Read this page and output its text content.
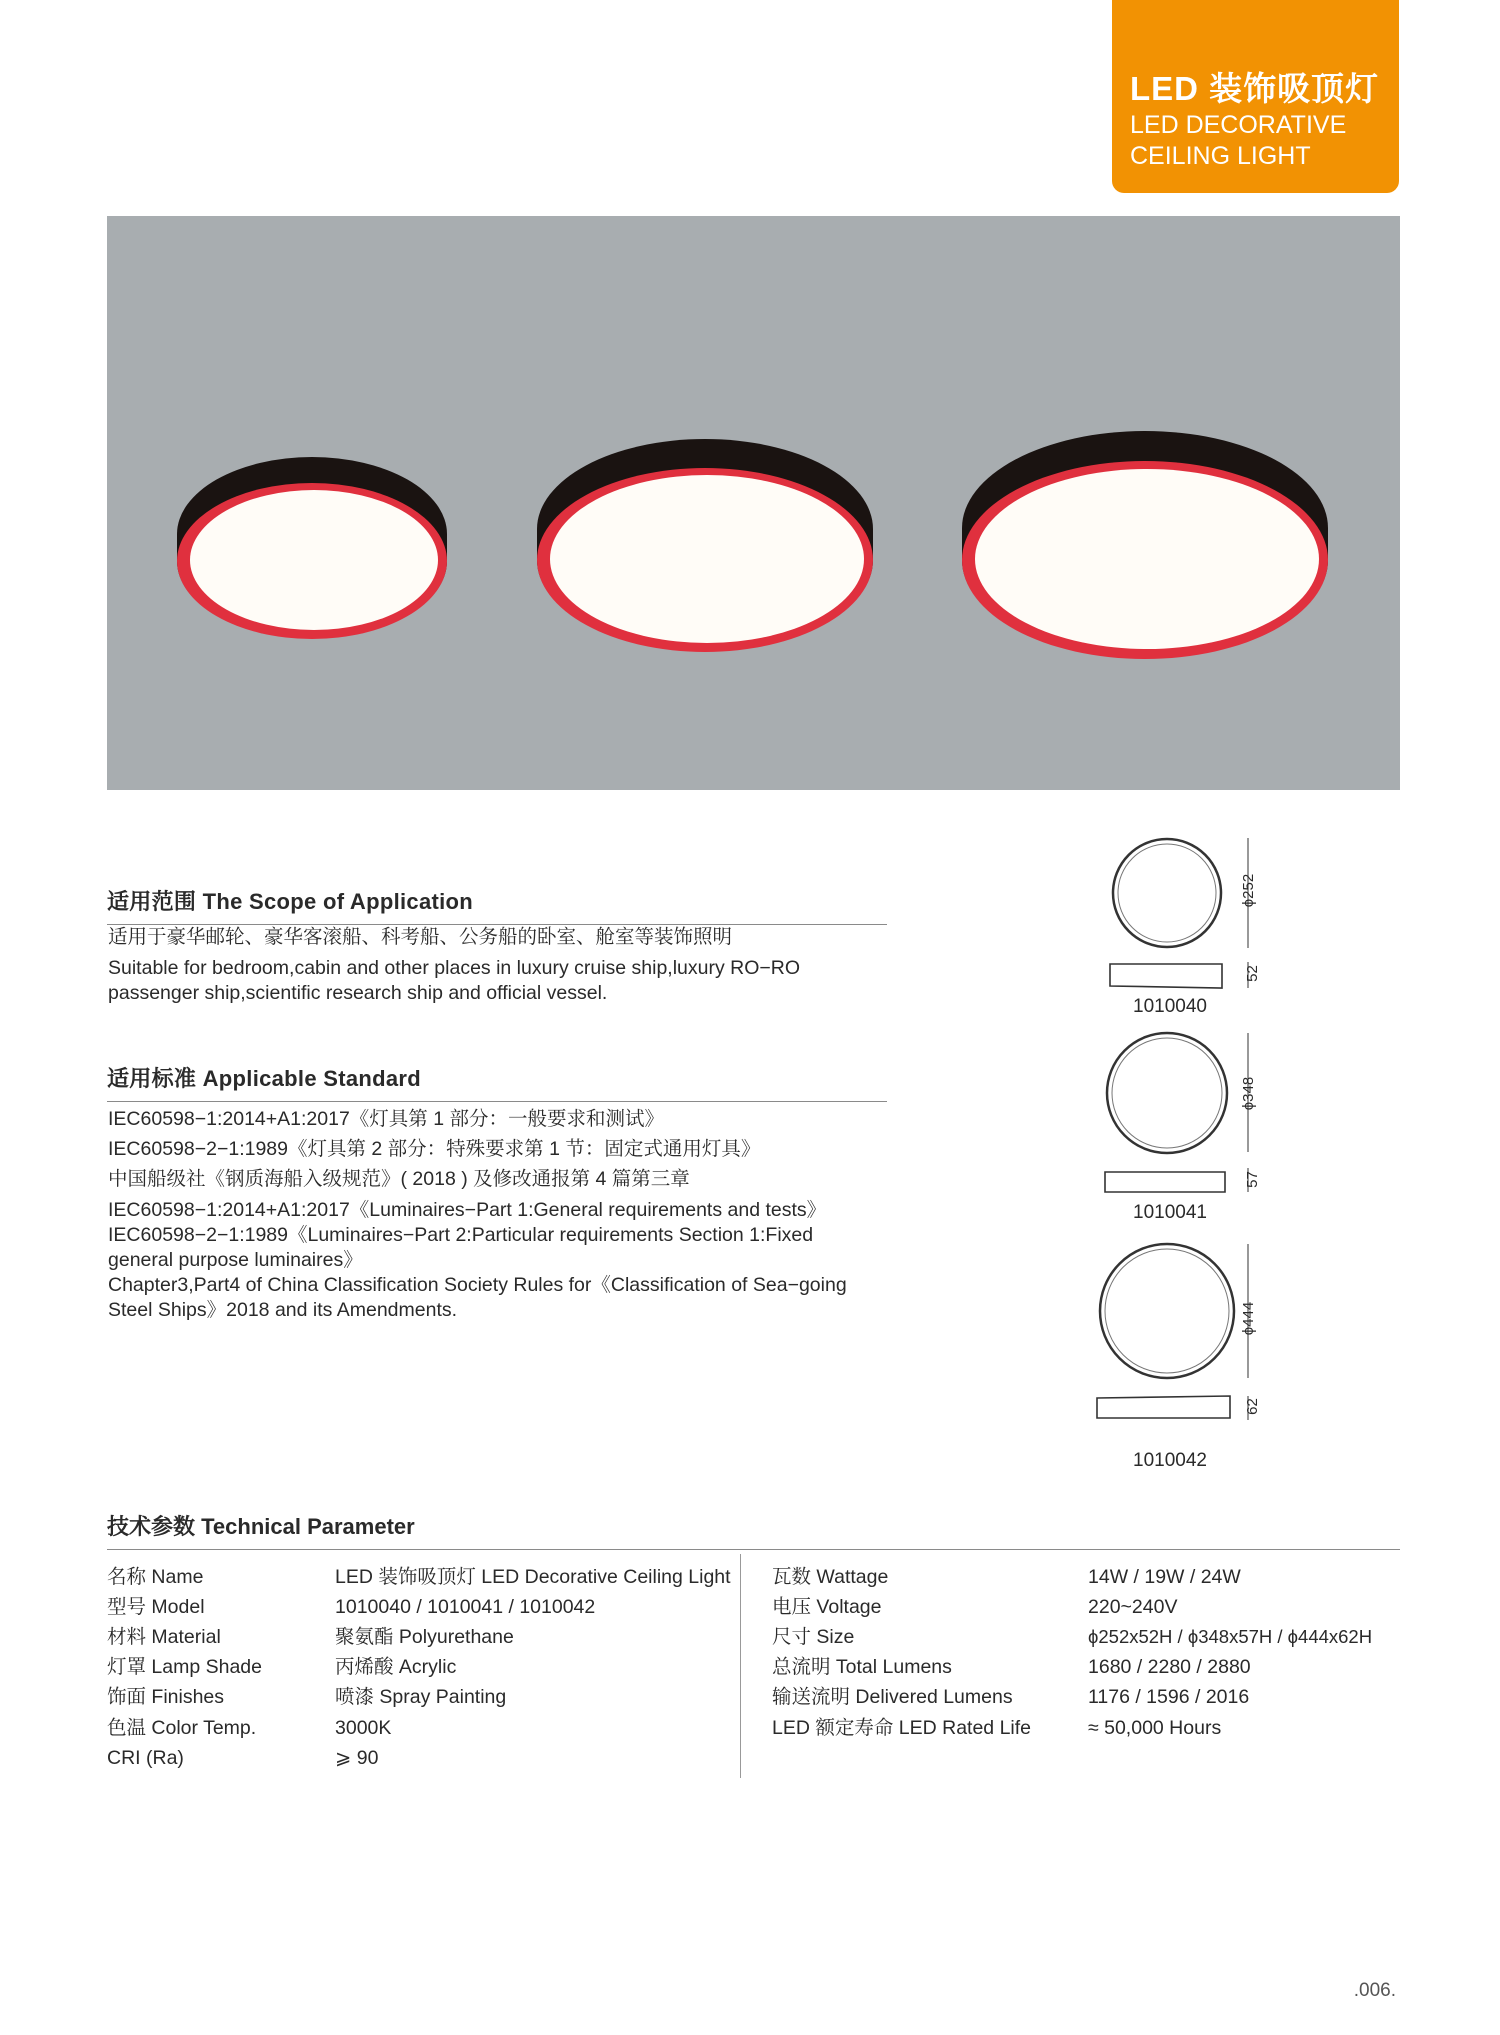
LED 装饰吸顶灯
LED DECORATIVE
CEILING LIGHT
适用范围 The Scope of Application
适用于豪华邮轮、豪华客滚船、科考船、公务船的卧室、舱室等装饰照明
Suitable for bedroom,cabin and other places in luxury cruise ship,luxury RO−RO
passenger ship,scientific research ship and official vessel.
适用标准 Applicable Standard
IEC60598−1:2014+A1:2017《灯具第 1 部分：一般要求和测试》
IEC60598−2−1:1989《灯具第 2 部分：特殊要求第 1 节：固定式通用灯具》
中国船级社《钢质海船入级规范》( 2018 ) 及修改通报第 4 篇第三章
IEC60598−1:2014+A1:2017《Luminaires−Part 1:General requirements and tests》
IEC60598−2−1:1989《Luminaires−Part 2:Particular requirements Section 1:Fixed
general purpose luminaires》
Chapter3,Part4 of China Classification Society Rules for《Classification of Sea−going
Steel Ships》2018 and its Amendments.
ϕ252
52
1010040
ϕ348
57
1010041
ϕ444
62
1010042
技术参数 Technical Parameter
名称 Name	LED 装饰吸顶灯 LED Decorative Ceiling Light
型号 Model	1010040 / 1010041 / 1010042
材料 Material	聚氨酯 Polyurethane
灯罩 Lamp Shade	丙烯酸 Acrylic
饰面 Finishes	喷漆 Spray Painting
色温 Color Temp.	3000K
CRI (Ra)	⩾ 90
瓦数 Wattage	14W / 19W / 24W
电压 Voltage	220~240V
尺寸 Size	ϕ252x52H / ϕ348x57H / ϕ444x62H
总流明 Total Lumens	1680 / 2280 / 2880
输送流明 Delivered Lumens	1176 / 1596 / 2016
LED 额定寿命 LED Rated Life	≈ 50,000 Hours
.006.
